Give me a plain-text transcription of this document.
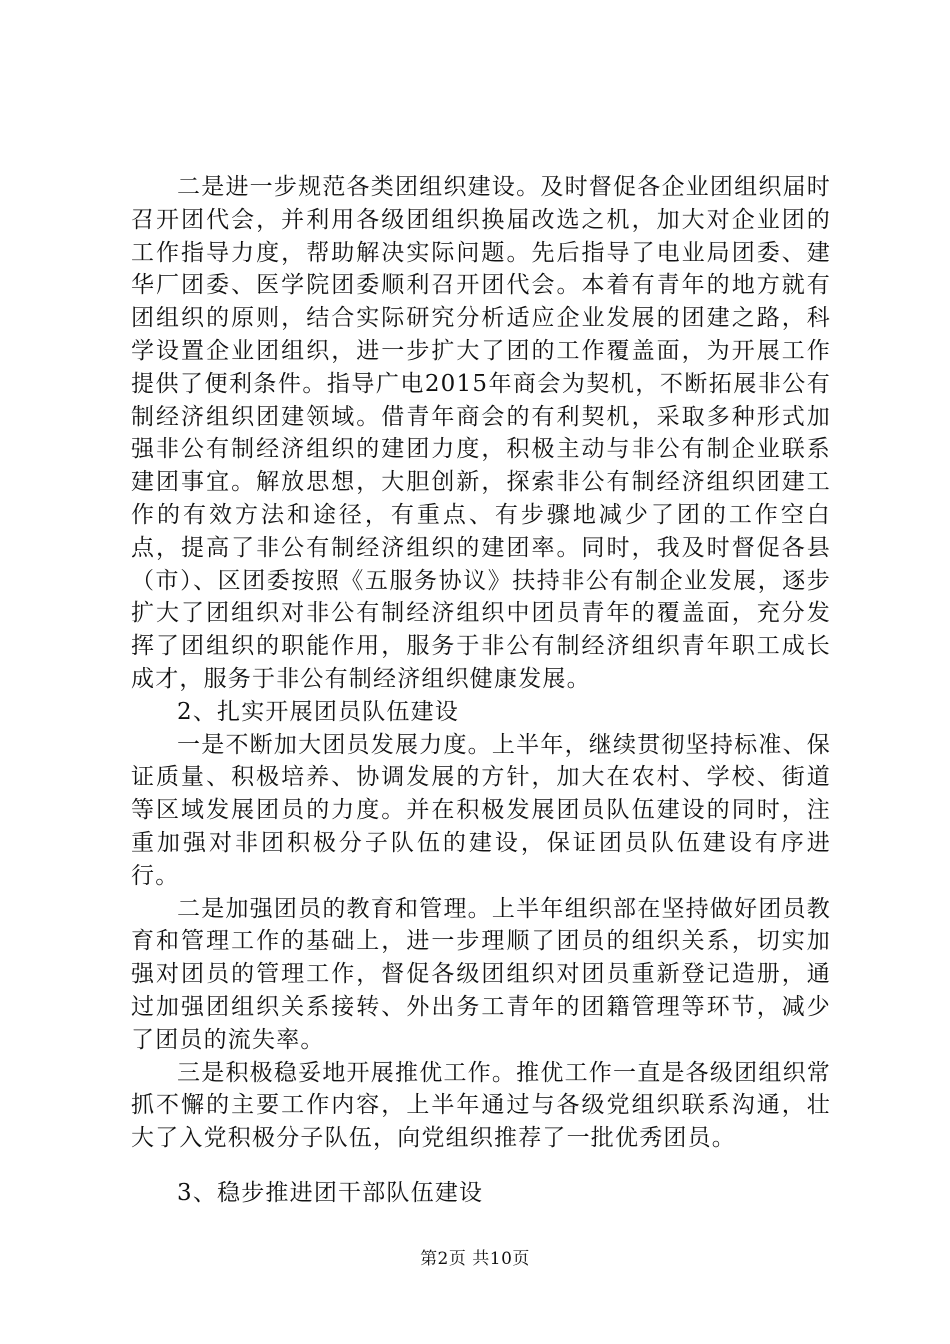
二是进一步规范各类团组织建设。及时督促各企业团组织届时召开团代会，并利用各级团组织换届改选之机，加大对企业团的工作指导力度，帮助解决实际问题。先后指导了电业局团委、建华厂团委、医学院团委顺利召开团代会。本着有青年的地方就有团组织的原则，结合实际研究分析适应企业发展的团建之路，科学设置企业团组织，进一步扩大了团的工作覆盖面，为开展工作提供了便利条件。指导广电2015年商会为契机，不断拓展非公有制经济组织团建领域。借青年商会的有利契机，采取多种形式加强非公有制经济组织的建团力度，积极主动与非公有制企业联系建团事宜。解放思想，大胆创新，探索非公有制经济组织团建工作的有效方法和途径，有重点、有步骤地减少了团的工作空白点，提高了非公有制经济组织的建团率。同时，我及时督促各县（市）、区团委按照《五服务协议》扶持非公有制企业发展，逐步扩大了团组织对非公有制经济组织中团员青年的覆盖面，充分发挥了团组织的职能作用，服务于非公有制经济组织青年职工成长成才，服务于非公有制经济组织健康发展。

2、扎实开展团员队伍建设

一是不断加大团员发展力度。上半年，继续贯彻坚持标准、保证质量、积极培养、协调发展的方针，加大在农村、学校、街道等区域发展团员的力度。并在积极发展团员队伍建设的同时，注重加强对非团积极分子队伍的建设，保证团员队伍建设有序进行。

二是加强团员的教育和管理。上半年组织部在坚持做好团员教育和管理工作的基础上，进一步理顺了团员的组织关系，切实加强对团员的管理工作，督促各级团组织对团员重新登记造册，通过加强团组织关系接转、外出务工青年的团籍管理等环节，减少了团员的流失率。

三是积极稳妥地开展推优工作。推优工作一直是各级团组织常抓不懈的主要工作内容，上半年通过与各级党组织联系沟通，壮大了入党积极分子队伍，向党组织推荐了一批优秀团员。

3、稳步推进团干部队伍建设

第2页 共10页
